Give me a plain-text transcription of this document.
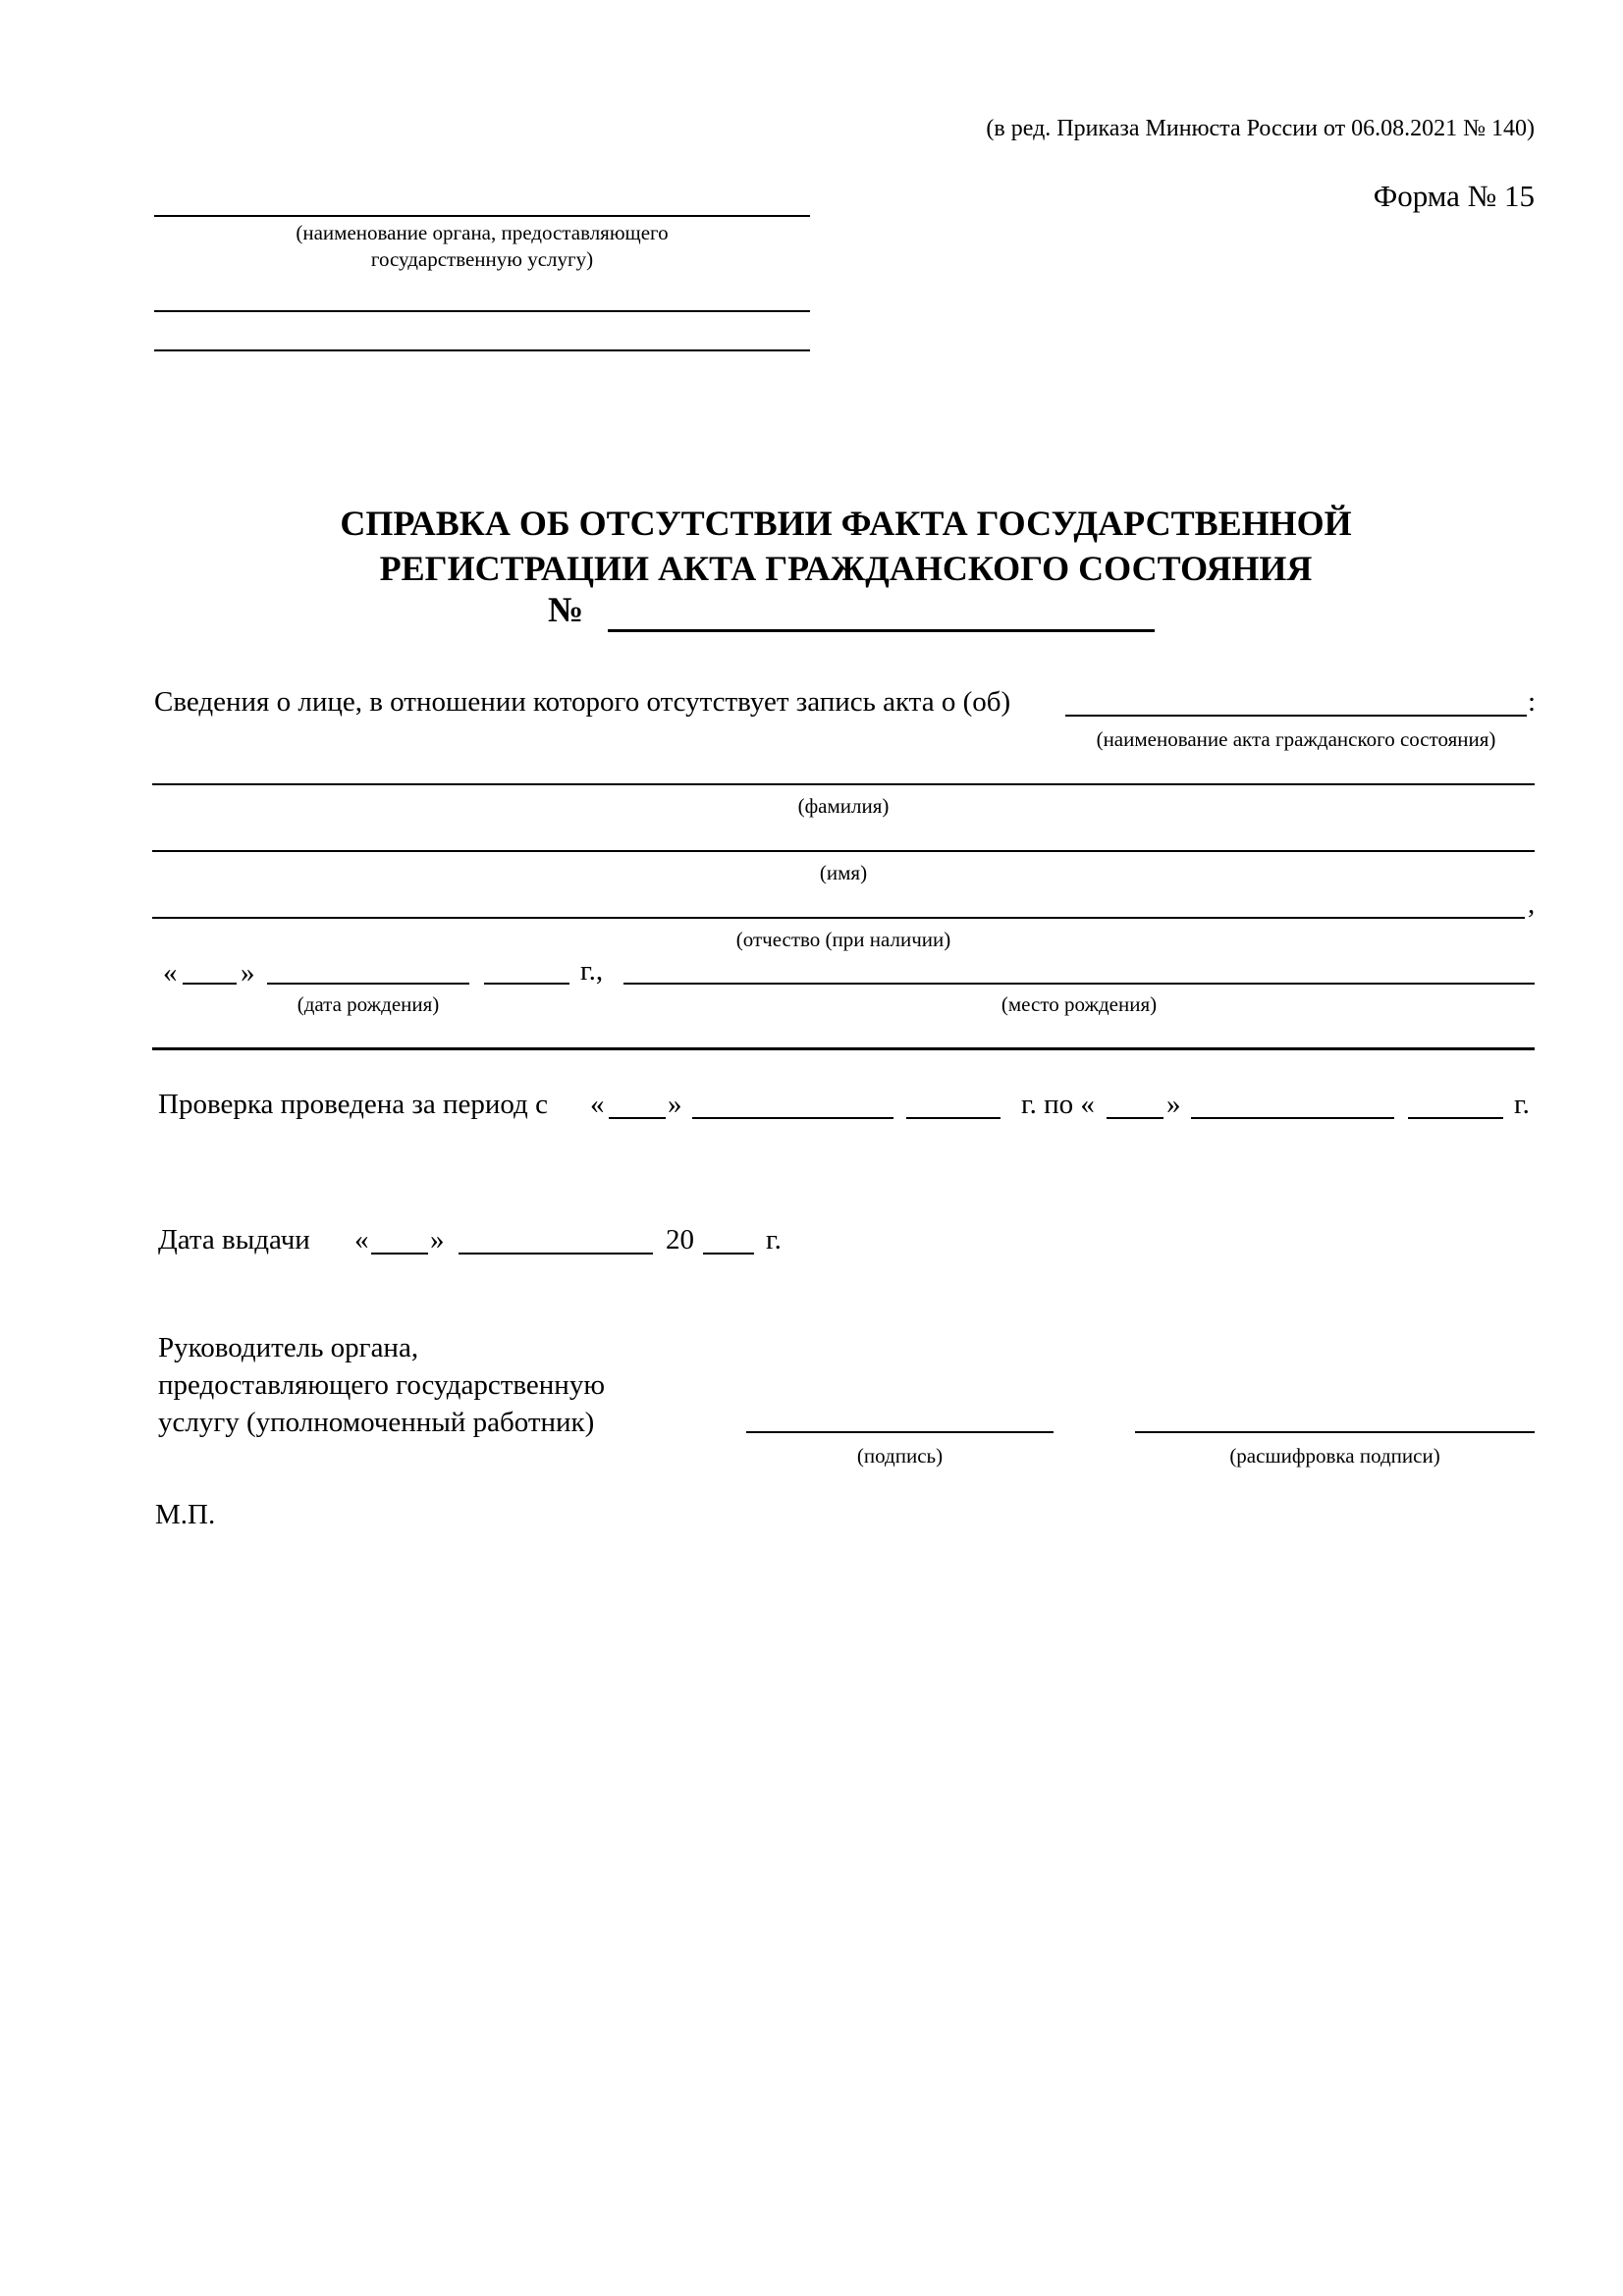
(в ред. Приказа Минюста России от 06.08.2021 № 140)
Форма № 15
(наименование органа, предоставляющего
государственную услугу)
СПРАВКА ОБ ОТСУТСТВИИ ФАКТА ГОСУДАРСТВЕННОЙ
РЕГИСТРАЦИИ АКТА ГРАЖДАНСКОГО СОСТОЯНИЯ
№
Сведения о лице, в отношении которого отсутствует запись акта о (об)	:
(наименование акта гражданского состояния)
(фамилия)
(имя)
,
(отчество (при наличии)
« »	г.,
(дата рождения)	(место рождения)
Проверка проведена за период с « »	г. по «	»	г.
Дата выдачи « »	20	г.
Руководитель органа,
предоставляющего государственную
услугу (уполномоченный работник)
(подпись)	(расшифровка подписи)
М.П.
